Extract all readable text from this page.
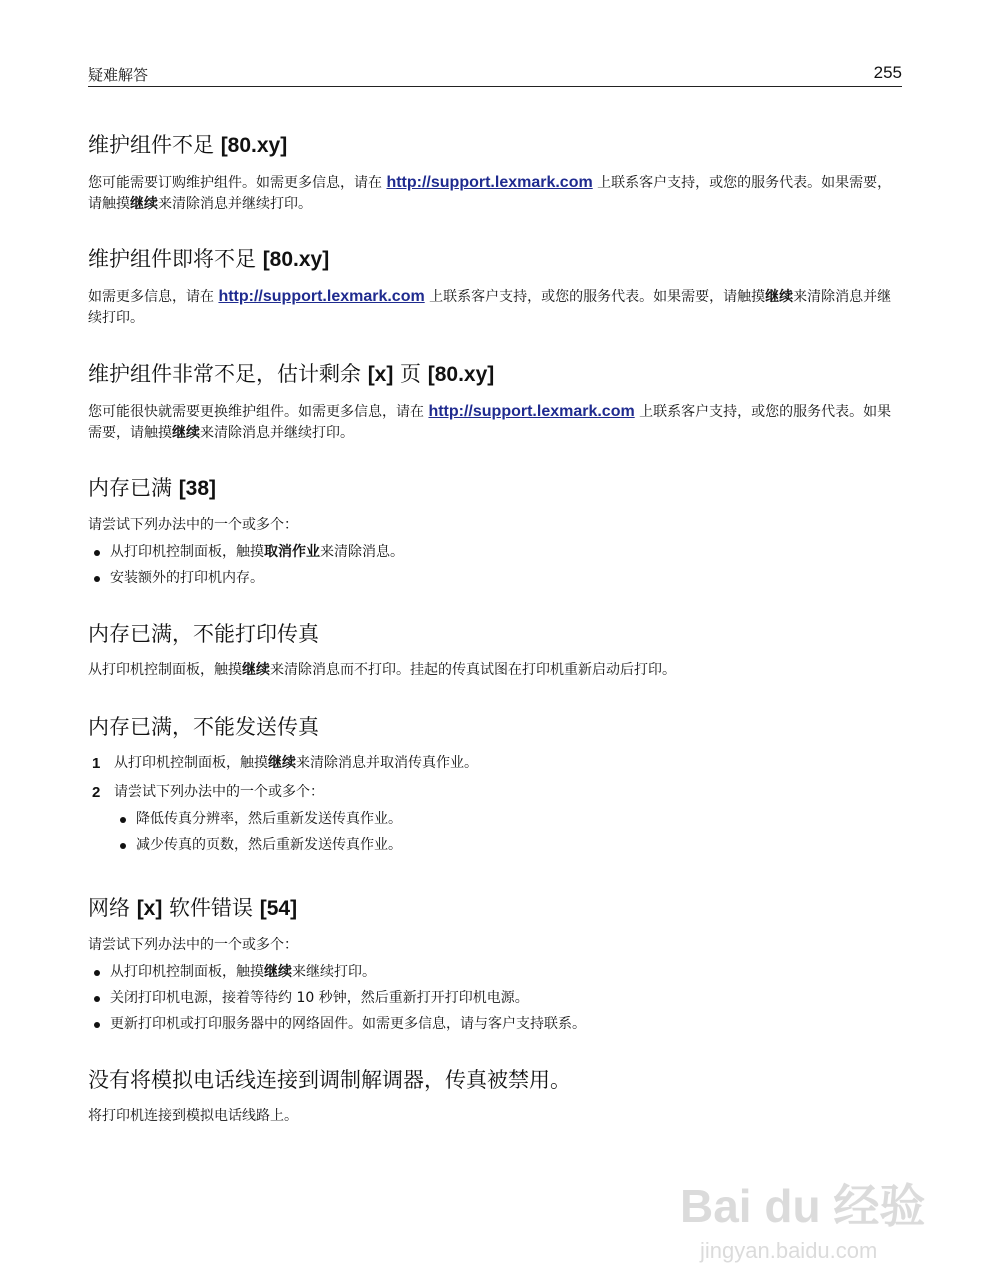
疑难解答	255
维护组件不足 [80.xy]

您可能需要订购维护组件。如需更多信息，请在 http://support.lexmark.com 上联系客户支持，或您的服务代表。如果需要，请触摸继续来清除消息并继续打印。

维护组件即将不足 [80.xy]

如需更多信息，请在 http://support.lexmark.com 上联系客户支持，或您的服务代表。如果需要，请触摸继续来清除消息并继续打印。

维护组件非常不足，估计剩余 [x] 页 [80.xy]

您可能很快就需要更换维护组件。如需更多信息，请在 http://support.lexmark.com 上联系客户支持，或您的服务代表。如果需要，请触摸继续来清除消息并继续打印。

内存已满 [38]

请尝试下列办法中的一个或多个：

从打印机控制面板，触摸取消作业来清除消息。
安装额外的打印机内存。
内存已满，不能打印传真

从打印机控制面板，触摸继续来清除消息而不打印。挂起的传真试图在打印机重新启动后打印。

内存已满，不能发送传真
1 从打印机控制面板，触摸继续来清除消息并取消传真作业。
2 请尝试下列办法中的一个或多个：
降低传真分辨率，然后重新发送传真作业。
减少传真的页数，然后重新发送传真作业。
网络 [x] 软件错误 [54]

请尝试下列办法中的一个或多个：

从打印机控制面板，触摸继续来继续打印。
关闭打印机电源，接着等待约 10 秒钟，然后重新打开打印机电源。
更新打印机或打印服务器中的网络固件。如需更多信息，请与客户支持联系。
没有将模拟电话线连接到调制解调器，传真被禁用。

将打印机连接到模拟电话线路上。

Bai du 经验
jingyan.baidu.com
